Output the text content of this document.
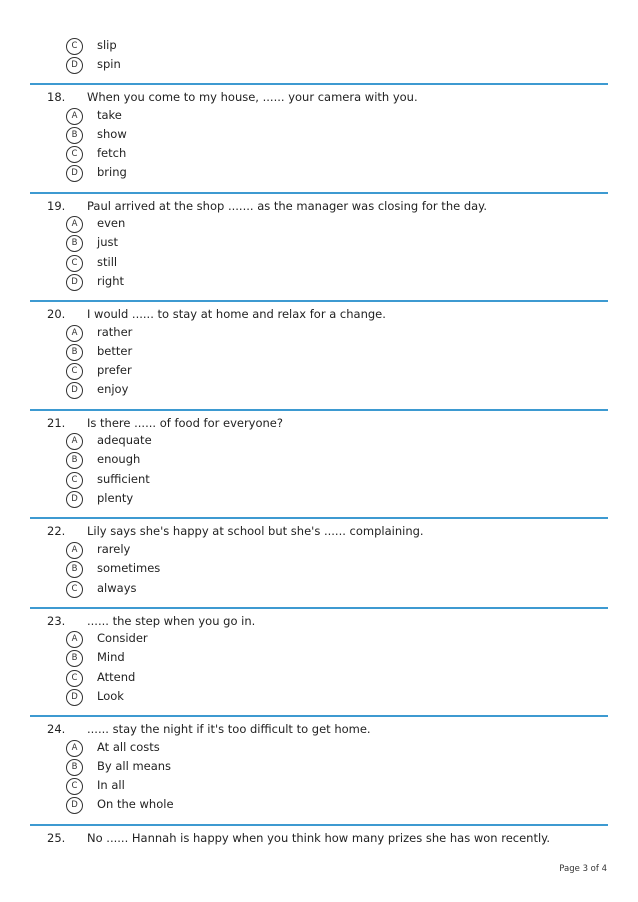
C	slip
D	spin
18. When you come to my house, ...... your camera with you.
A	take
B	show
C	fetch
D	bring
19. Paul arrived at the shop ....... as the manager was closing for the day.
A	even
B	just
C	still
D	right
20. I would ...... to stay at home and relax for a change.
A	rather
B	better
C	prefer
D	enjoy
21. Is there ...... of food for everyone?
A	adequate
B	enough
C	sufficient
D	plenty
22. Lily says she's happy at school but she's ...... complaining.
A	rarely
B	sometimes
C	always
23. ...... the step when you go in.
A	Consider
B	Mind
C	Attend
D	Look
24. ...... stay the night if it's too difficult to get home.
A	At all costs
B	By all means
C	In all
D	On the whole
25. No ...... Hannah is happy when you think how many prizes she has won recently.
Page 3 of 4
